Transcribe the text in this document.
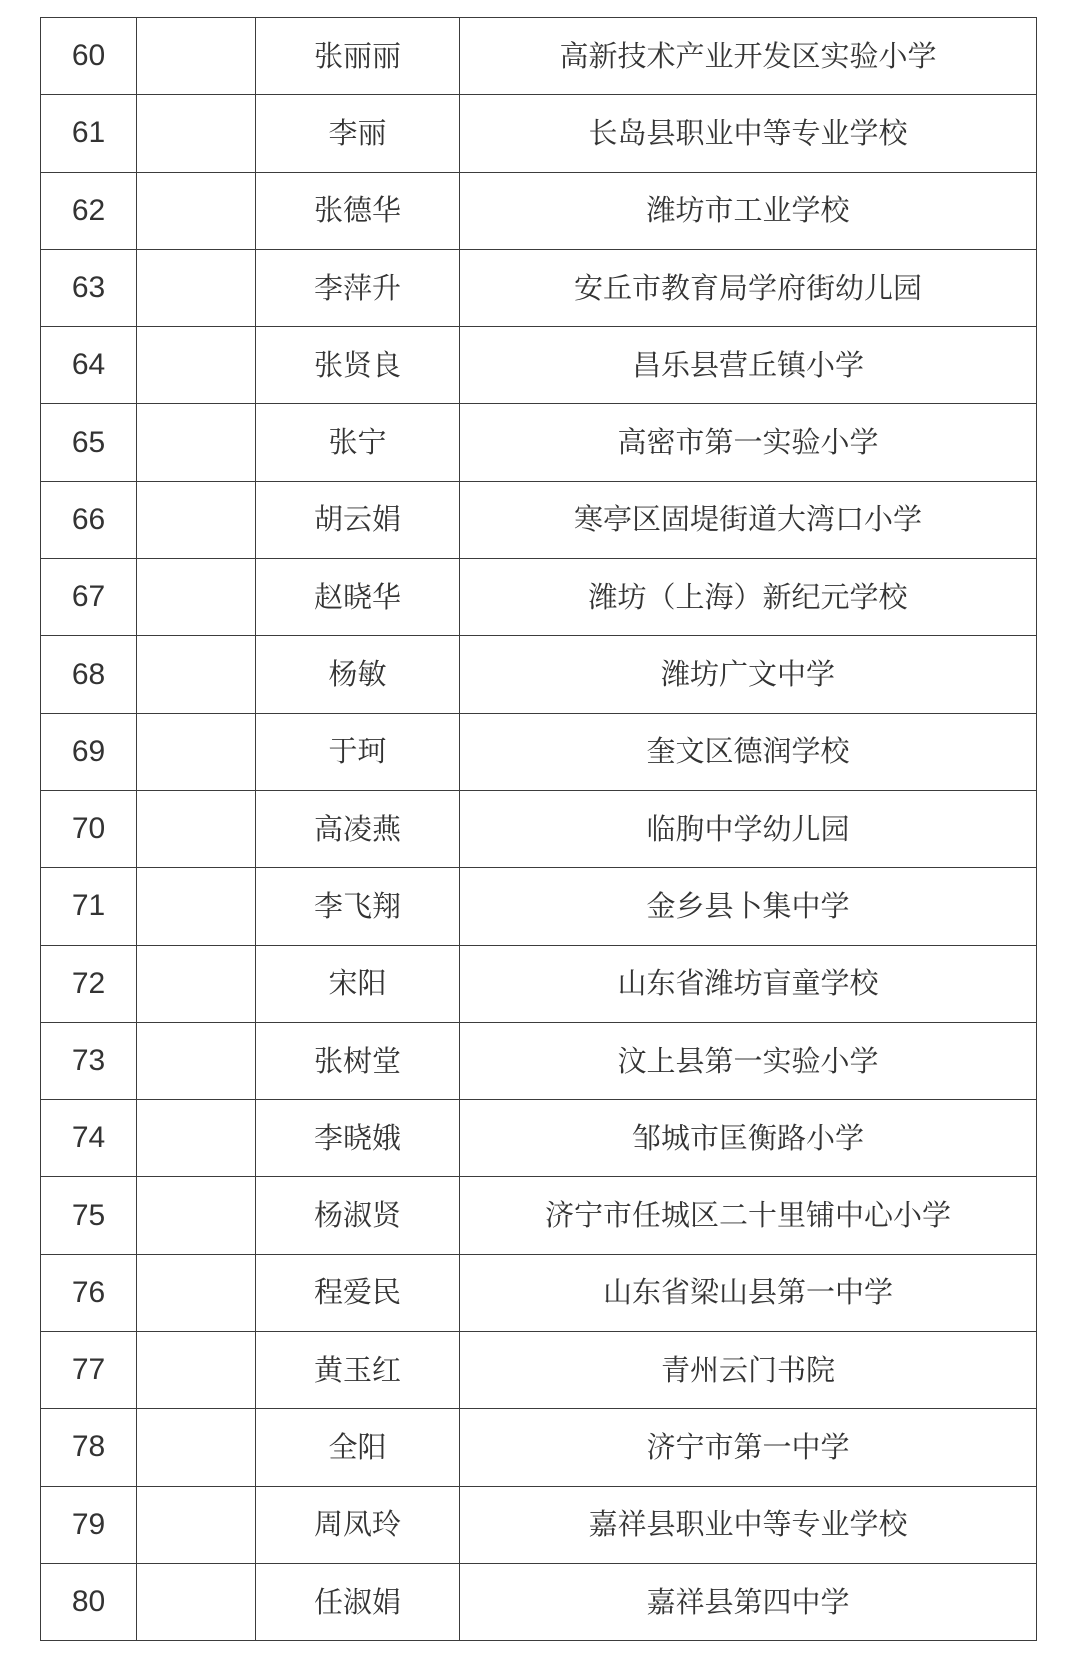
60		张丽丽	高新技术产业开发区实验小学
61		李丽	长岛县职业中等专业学校
62		张德华	潍坊市工业学校
63		李萍升	安丘市教育局学府街幼儿园
64		张贤良	昌乐县营丘镇小学
65		张宁	高密市第一实验小学
66		胡云娟	寒亭区固堤街道大湾口小学
67		赵晓华	潍坊（上海）新纪元学校
68		杨敏	潍坊广文中学
69		于珂	奎文区德润学校
70		高凌燕	临朐中学幼儿园
71		李飞翔	金乡县卜集中学
72		宋阳	山东省潍坊盲童学校
73		张树堂	汶上县第一实验小学
74		李晓娥	邹城市匡衡路小学
75		杨淑贤	济宁市任城区二十里铺中心小学
76		程爱民	山东省梁山县第一中学
77		黄玉红	青州云门书院
78		全阳	济宁市第一中学
79		周凤玲	嘉祥县职业中等专业学校
80		任淑娟	嘉祥县第四中学
